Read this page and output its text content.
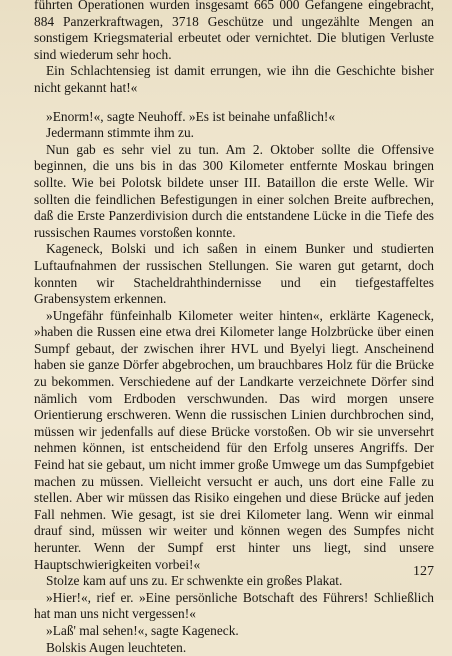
führten Operationen wurden insgesamt 665 000 Gefangene eingebracht, 884 Panzerkraftwagen, 3718 Geschütze und ungezählte Mengen an sonstigem Kriegsmaterial erbeutet oder vernichtet. Die blutigen Verluste sind wiederum sehr hoch.

Ein Schlachtensieg ist damit errungen, wie ihn die Geschichte bisher nicht gekannt hat!«

»Enorm!«, sagte Neuhoff. »Es ist beinahe unfaßlich!«

Jedermann stimmte ihm zu.

Nun gab es sehr viel zu tun. Am 2. Oktober sollte die Offensive beginnen, die uns bis in das 300 Kilometer entfernte Moskau bringen sollte. Wie bei Polotsk bildete unser III. Bataillon die erste Welle. Wir sollten die feindlichen Befestigungen in einer solchen Breite aufbrechen, daß die Erste Panzerdivision durch die entstandene Lücke in die Tiefe des russischen Raumes vorstoßen konnte.

Kageneck, Bolski und ich saßen in einem Bunker und studierten Luftaufnahmen der russischen Stellungen. Sie waren gut getarnt, doch konnten wir Stacheldrahthindernisse und ein tiefgestaffeltes Grabensystem erkennen.

»Ungefähr fünfeinhalb Kilometer weiter hinten«, erklärte Kageneck, »haben die Russen eine etwa drei Kilometer lange Holzbrücke über einen Sumpf gebaut, der zwischen ihrer HVL und Byelyi liegt. Anscheinend haben sie ganze Dörfer abgebrochen, um brauchbares Holz für die Brücke zu bekommen. Verschiedene auf der Landkarte verzeichnete Dörfer sind nämlich vom Erdboden verschwunden. Das wird morgen unsere Orientierung erschweren. Wenn die russischen Linien durchbrochen sind, müssen wir jedenfalls auf diese Brücke vorstoßen. Ob wir sie unversehrt nehmen können, ist entscheidend für den Erfolg unseres Angriffs. Der Feind hat sie gebaut, um nicht immer große Umwege um das Sumpfgebiet machen zu müssen. Vielleicht versucht er auch, uns dort eine Falle zu stellen. Aber wir müssen das Risiko eingehen und diese Brücke auf jeden Fall nehmen. Wie gesagt, ist sie drei Kilometer lang. Wenn wir einmal drauf sind, müssen wir weiter und können wegen des Sumpfes nicht herunter. Wenn der Sumpf erst hinter uns liegt, sind unsere Hauptschwierigkeiten vorbei!«

Stolze kam auf uns zu. Er schwenkte ein großes Plakat.

»Hier!«, rief er. »Eine persönliche Botschaft des Führers! Schließlich hat man uns nicht vergessen!«

»Laß' mal sehen!«, sagte Kageneck.

Bolskis Augen leuchteten.

127
